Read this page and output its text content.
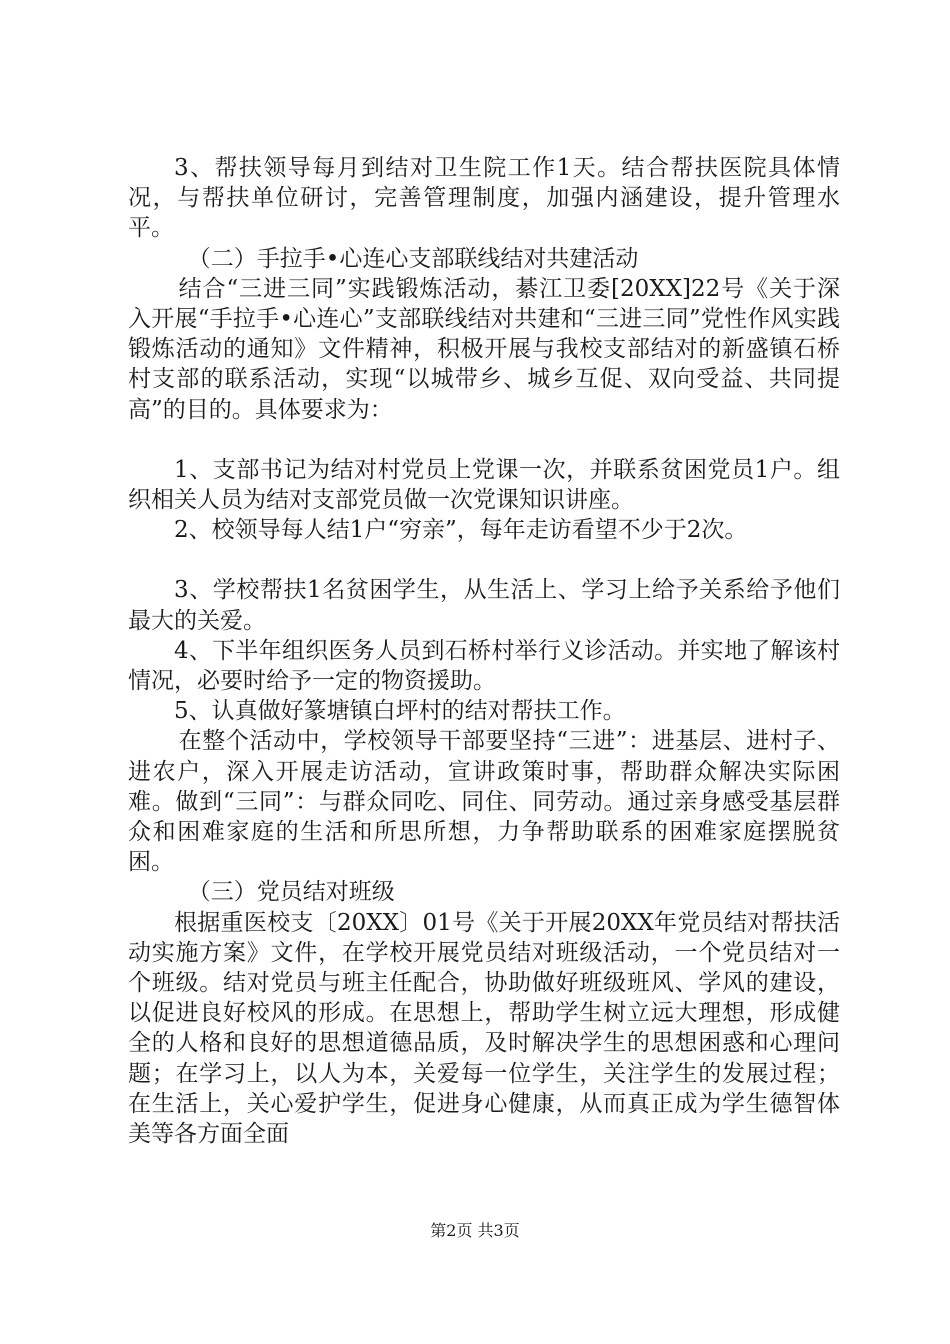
3、帮扶领导每月到结对卫生院工作1天。结合帮扶医院具体情况，与帮扶单位研讨，完善管理制度，加强内涵建设，提升管理水平。

（二）手拉手•心连心支部联线结对共建活动

结合“三进三同”实践锻炼活动，綦江卫委[20XX]22号《关于深入开展“手拉手•心连心”支部联线结对共建和“三进三同”党性作风实践锻炼活动的通知》文件精神，积极开展与我校支部结对的新盛镇石桥村支部的联系活动，实现“以城带乡、城乡互促、双向受益、共同提高”的目的。具体要求为：

1、支部书记为结对村党员上党课一次，并联系贫困党员1户。组织相关人员为结对支部党员做一次党课知识讲座。

2、校领导每人结1户“穷亲”，每年走访看望不少于2次。

3、学校帮扶1名贫困学生，从生活上、学习上给予关系给予他们最大的关爱。

4、下半年组织医务人员到石桥村举行义诊活动。并实地了解该村情况，必要时给予一定的物资援助。

5、认真做好篆塘镇白坪村的结对帮扶工作。

在整个活动中，学校领导干部要坚持“三进”：进基层、进村子、进农户，深入开展走访活动，宣讲政策时事，帮助群众解决实际困难。做到“三同”：与群众同吃、同住、同劳动。通过亲身感受基层群众和困难家庭的生活和所思所想，力争帮助联系的困难家庭摆脱贫困。

（三）党员结对班级

根据重医校支〔20XX〕01号《关于开展20XX年党员结对帮扶活动实施方案》文件，在学校开展党员结对班级活动，一个党员结对一个班级。结对党员与班主任配合，协助做好班级班风、学风的建设，以促进良好校风的形成。在思想上，帮助学生树立远大理想，形成健全的人格和良好的思想道德品质，及时解决学生的思想困惑和心理问题；在学习上，以人为本，关爱每一位学生，关注学生的发展过程；在生活上，关心爱护学生，促进身心健康，从而真正成为学生德智体美等各方面全面

第2页 共3页
